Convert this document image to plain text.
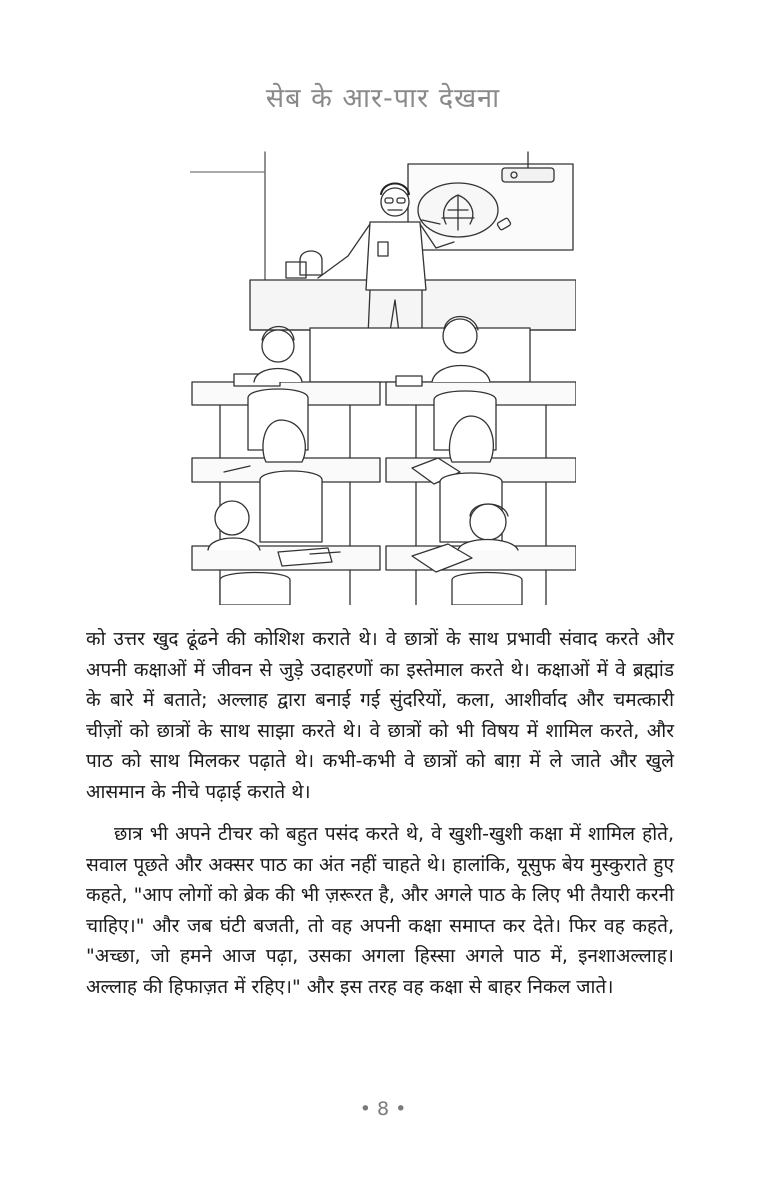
सेब के आर-पार देखना

को उत्तर खुद ढूंढने की कोशिश कराते थे। वे छात्रों के साथ प्रभावी संवाद करते और अपनी कक्षाओं में जीवन से जुड़े उदाहरणों का इस्तेमाल करते थे। कक्षाओं में वे ब्रह्मांड के बारे में बताते; अल्लाह द्वारा बनाई गई सुंदरियों, कला, आशीर्वाद और चमत्कारी चीज़ों को छात्रों के साथ साझा करते थे। वे छात्रों को भी विषय में शामिल करते, और पाठ को साथ मिलकर पढ़ाते थे। कभी-कभी वे छात्रों को बाग़ में ले जाते और खुले आसमान के नीचे पढ़ाई कराते थे।

छात्र भी अपने टीचर को बहुत पसंद करते थे, वे खुशी-खुशी कक्षा में शामिल होते, सवाल पूछते और अक्सर पाठ का अंत नहीं चाहते थे। हालांकि, यूसुफ बेय मुस्कुराते हुए कहते, "आप लोगों को ब्रेक की भी ज़रूरत है, और अगले पाठ के लिए भी तैयारी करनी चाहिए।" और जब घंटी बजती, तो वह अपनी कक्षा समाप्त कर देते। फिर वह कहते, "अच्छा, जो हमने आज पढ़ा, उसका अगला हिस्सा अगले पाठ में, इनशाअल्लाह। अल्लाह की हिफाज़त में रहिए।" और इस तरह वह कक्षा से बाहर निकल जाते।

• 8 •
